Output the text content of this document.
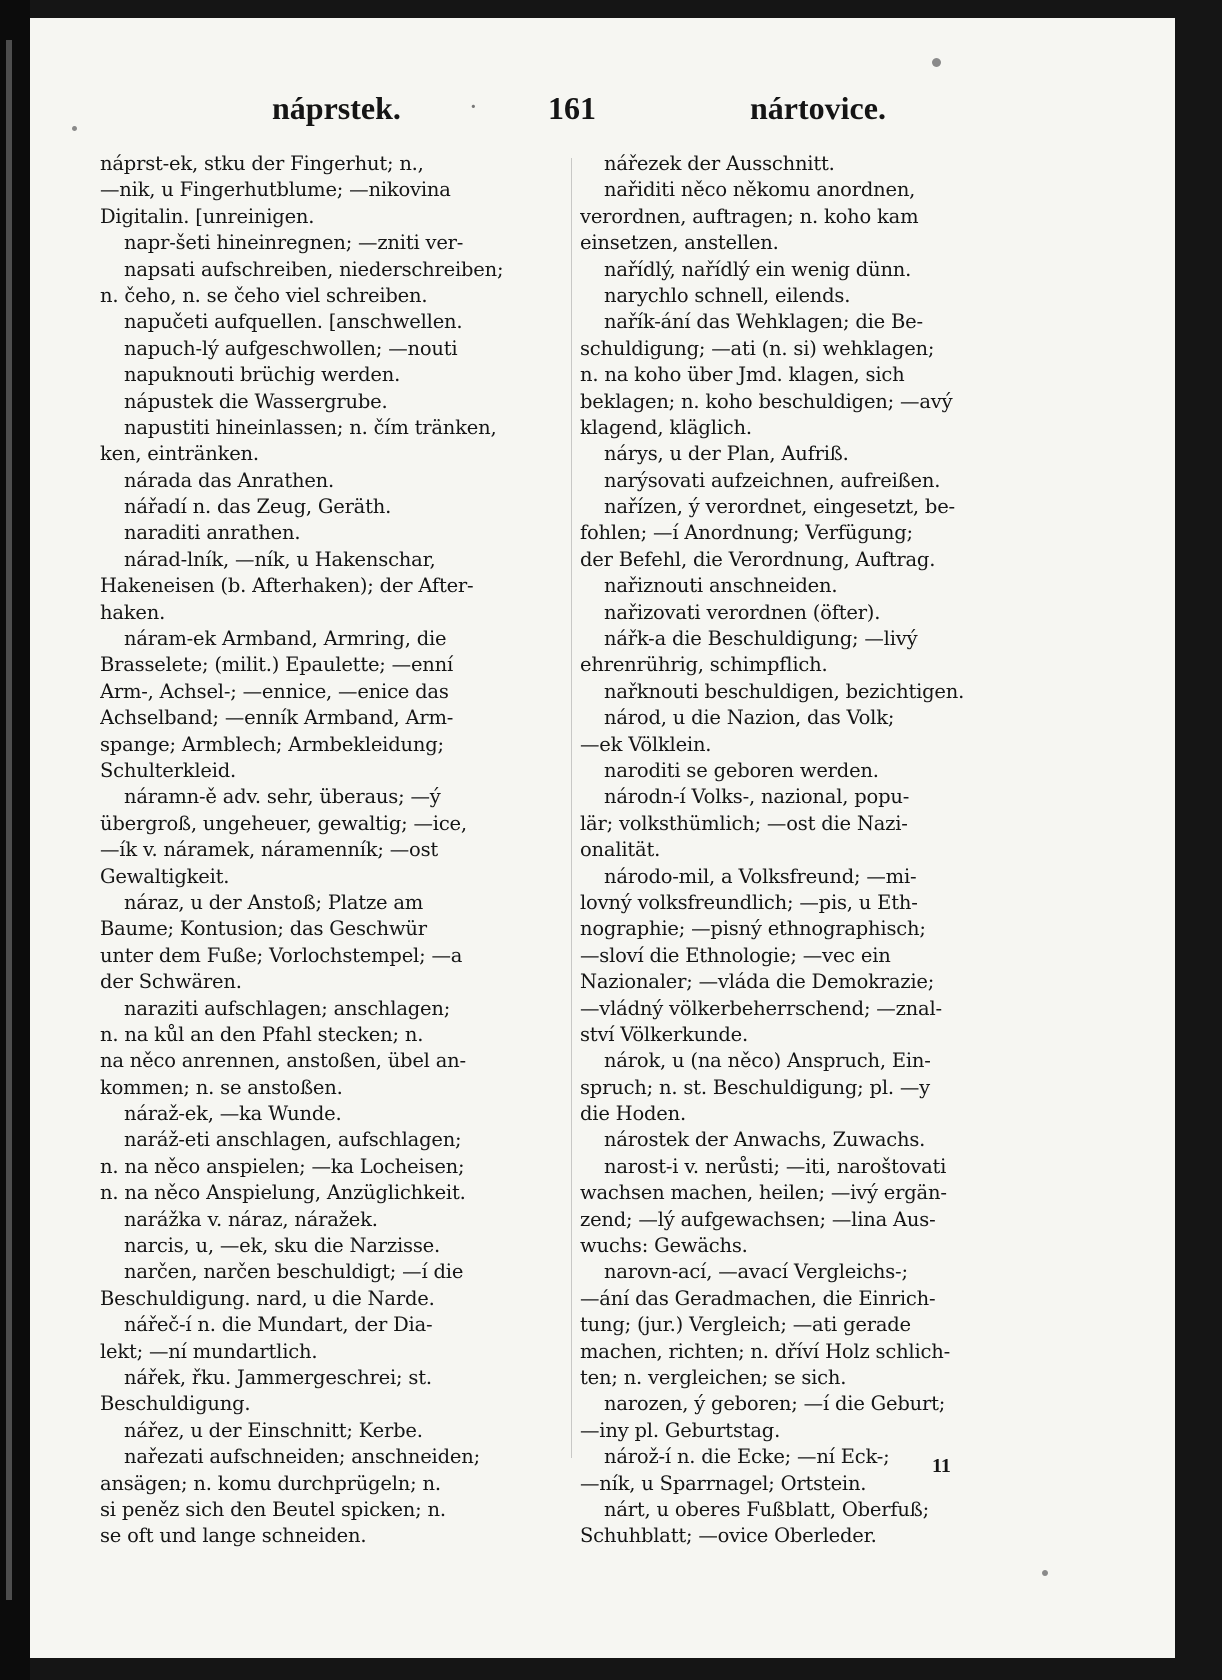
náprstek.	· 161	nártovice.
náprst-ek, stku der Fingerhut; n.,
—nik, u Fingerhutblume; —nikovina
Digitalin. [unreinigen.
napr-šeti hineinregnen; —zniti ver-
napsati aufschreiben, niederschreiben;
n. čeho, n. se čeho viel schreiben.
napučeti aufquellen. [anschwellen.
napuch-lý aufgeschwollen; —nouti
napuknouti brüchig werden.
nápustek die Wassergrube.
napustiti hineinlassen; n. čím tränken,
ken, eintränken.
nárada das Anrathen.
nářadí n. das Zeug, Geräth.
naraditi anrathen.
nárad-lník, —ník, u Hakenschar,
Hakeneisen (b. Afterhaken); der After-
haken.
náram-ek Armband, Armring, die
Brasselete; (milit.) Epaulette; —enní
Arm-, Achsel-; —ennice, —enice das
Achselband; —enník Armband, Arm-
spange; Armblech; Armbekleidung;
Schulterkleid.
náramn-ě adv. sehr, überaus; —ý
übergroß, ungeheuer, gewaltig; —ice,
—ík v. náramek, náramenník; —ost
Gewaltigkeit.
náraz, u der Anstoß; Platze am
Baume; Kontusion; das Geschwür
unter dem Fuße; Vorlochstempel; —a
der Schwären.
naraziti aufschlagen; anschlagen;
n. na kůl an den Pfahl stecken; n.
na něco anrennen, anstoßen, übel an-
kommen; n. se anstoßen.
náraž-ek, —ka Wunde.
naráž-eti anschlagen, aufschlagen;
n. na něco anspielen; —ka Locheisen;
n. na něco Anspielung, Anzüglichkeit.
narážka v. náraz, náražek.
narcis, u, —ek, sku die Narzisse.
narčen, narčen beschuldigt; —í die
Beschuldigung. nard, u die Narde.
nářeč-í n. die Mundart, der Dia-
lekt; —ní mundartlich.
nářek, řku. Jammergeschrei; st.
Beschuldigung.
nářez, u der Einschnitt; Kerbe.
nařezati aufschneiden; anschneiden;
ansägen; n. komu durchprügeln; n.
si peněz sich den Beutel spicken; n.
se oft und lange schneiden.
nářezek der Ausschnitt.
nařiditi něco někomu anordnen,
verordnen, auftragen; n. koho kam
einsetzen, anstellen.
nařídlý, nařídlý ein wenig dünn.
narychlo schnell, eilends.
nařík-ání das Wehklagen; die Be-
schuldigung; —ati (n. si) wehklagen;
n. na koho über Jmd. klagen, sich
beklagen; n. koho beschuldigen; —avý
klagend, kläglich.
nárys, u der Plan, Aufriß.
narýsovati aufzeichnen, aufreißen.
nařízen, ý verordnet, eingesetzt, be-
fohlen; —í Anordnung; Verfügung;
der Befehl, die Verordnung, Auftrag.
nařiznouti anschneiden.
nařizovati verordnen (öfter).
nářk-a die Beschuldigung; —livý
ehrenrührig, schimpflich.
nařknouti beschuldigen, bezichtigen.
národ, u die Nazion, das Volk;
—ek Völklein.
naroditi se geboren werden.
národn-í Volks-, nazional, popu-
lär; volksthümlich; —ost die Nazi-
onalität.
národo-mil, a Volksfreund; —mi-
lovný volksfreundlich; —pis, u Eth-
nographie; —pisný ethnographisch;
—sloví die Ethnologie; —vec ein
Nazionaler; —vláda die Demokrazie;
—vládný völkerbeherrschend; —znal-
ství Völkerkunde.
nárok, u (na něco) Anspruch, Ein-
spruch; n. st. Beschuldigung; pl. —y
die Hoden.
nárostek der Anwachs, Zuwachs.
narost-i v. nerůsti; —iti, naroštovati
wachsen machen, heilen; —ivý ergän-
zend; —lý aufgewachsen; —lina Aus-
wuchs: Gewächs.
narovn-ací, —avací Vergleichs-;
—ání das Geradmachen, die Einrich-
tung; (jur.) Vergleich; —ati gerade
machen, richten; n. dříví Holz schlich-
ten; n. vergleichen; se sich.
narozen, ý geboren; —í die Geburt;
—iny pl. Geburtstag.
nárož-í n. die Ecke; —ní Eck-;
—ník, u Sparrnagel; Ortstein.
nárt, u oberes Fußblatt, Oberfuß;
Schuhblatt; —ovice Oberleder.
11
